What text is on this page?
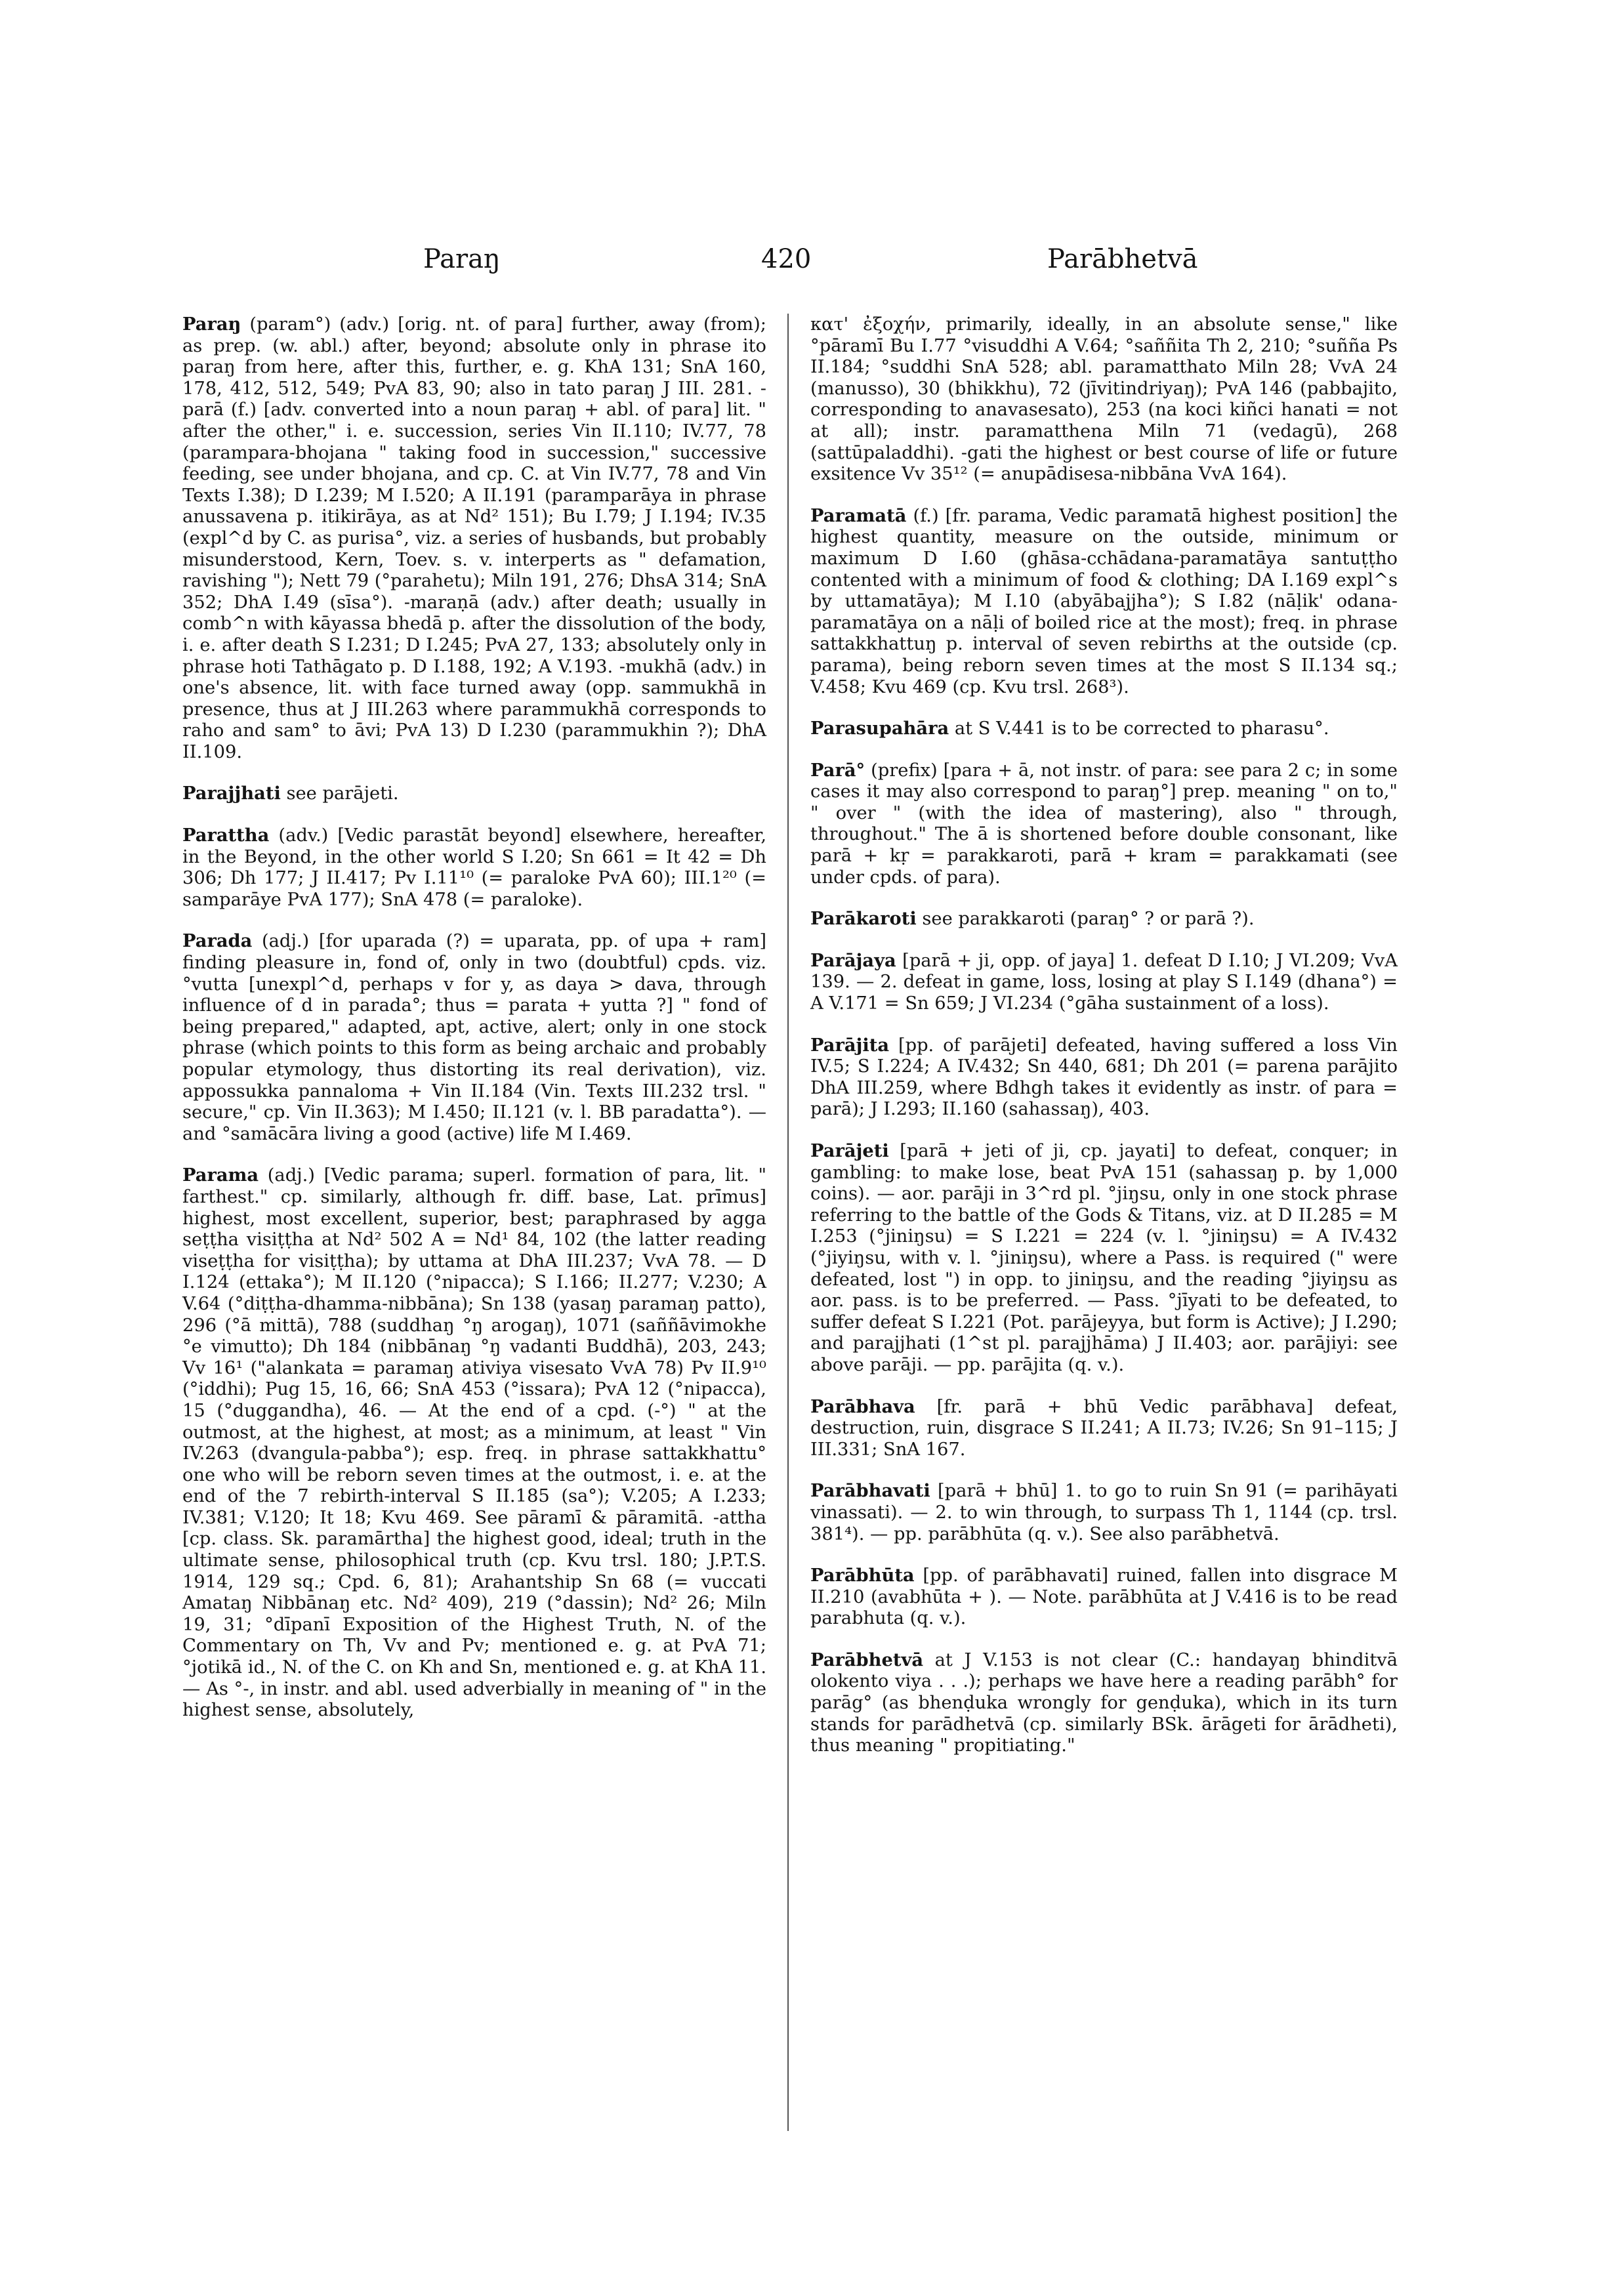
Paraŋ	420	Parābhetvā

Paraŋ (param°) (adv.) [orig. nt. of para] further, away (from); as prep. (w. abl.) after, beyond; absolute only in phrase ito paraŋ from here, after this, further, e. g. KhA 131; SnA 160, 178, 412, 512, 549; PvA 83, 90; also in tato paraŋ J III. 281. -parā (f.) [adv. converted into a noun paraŋ + abl. of para] lit. " after the other," i. e. succession, series Vin II.110; IV.77, 78 (parampara-bhojana " taking food in succession," successive feeding, see under bhojana, and cp. C. at Vin IV.77, 78 and Vin Texts I.38); D I.239; M I.520; A II.191 (paramparāya in phrase anussavena p. itikirāya, as at Nd² 151); Bu I.79; J I.194; IV.35 (expl^d by C. as purisa°, viz. a series of husbands, but probably misunderstood, Kern, Toev. s. v. interperts as " defamation, ravishing "); Nett 79 (°parahetu); Miln 191, 276; DhsA 314; SnA 352; DhA I.49 (sīsa°). -maraṇā (adv.) after death; usually in comb^n with kāyassa bhedā p. after the dissolution of the body, i. e. after death S I.231; D I.245; PvA 27, 133; absolutely only in phrase hoti Tathāgato p. D I.188, 192; A V.193. -mukhā (adv.) in one's absence, lit. with face turned away (opp. sammukhā in presence, thus at J III.263 where parammukhā corresponds to raho and sam° to āvi; PvA 13) D I.230 (parammukhin ?); DhA II.109.

Parajjhati see parājeti.

Parattha (adv.) [Vedic parastāt beyond] elsewhere, hereafter, in the Beyond, in the other world S I.20; Sn 661 = It 42 = Dh 306; Dh 177; J II.417; Pv I.11¹⁰ (= paraloke PvA 60); III.1²⁰ (= samparāye PvA 177); SnA 478 (= paraloke).

Parada (adj.) [for uparada (?) = uparata, pp. of upa + ram] finding pleasure in, fond of, only in two (doubtful) cpds. viz. °vutta [unexpl^d, perhaps v for y, as daya > dava, through influence of d in parada°; thus = parata + yutta ?] " fond of being prepared," adapted, apt, active, alert; only in one stock phrase (which points to this form as being archaic and probably popular etymology, thus distorting its real derivation), viz. appossukka pannaloma + Vin II.184 (Vin. Texts III.232 trsl. " secure," cp. Vin II.363); M I.450; II.121 (v. l. BB paradatta°). — and °samācāra living a good (active) life M I.469.

Parama (adj.) [Vedic parama; superl. formation of para, lit. " farthest." cp. similarly, although fr. diff. base, Lat. prīmus] highest, most excellent, superior, best; paraphrased by agga seṭṭha visiṭṭha at Nd² 502 A = Nd¹ 84, 102 (the latter reading viseṭṭha for visiṭṭha); by uttama at DhA III.237; VvA 78. — D I.124 (ettaka°); M II.120 (°nipacca); S I.166; II.277; V.230; A V.64 (°diṭṭha-dhamma-nibbāna); Sn 138 (yasaŋ paramaŋ patto), 296 (°ā mittā), 788 (suddhaŋ °ŋ arogaŋ), 1071 (saññāvimokhe °e vimutto); Dh 184 (nibbānaŋ °ŋ vadanti Buddhā), 203, 243; Vv 16¹ ("alankata = paramaŋ ativiya visesato VvA 78) Pv II.9¹⁰ (°iddhi); Pug 15, 16, 66; SnA 453 (°issara); PvA 12 (°nipacca), 15 (°duggandha), 46. — At the end of a cpd. (-°) " at the outmost, at the highest, at most; as a minimum, at least " Vin IV.263 (dvangula-pabba°); esp. freq. in phrase sattakkhattu° one who will be reborn seven times at the outmost, i. e. at the end of the 7 rebirth-interval S II.185 (sa°); V.205; A I.233; IV.381; V.120; It 18; Kvu 469. See pāramī & pāramitā. -attha [cp. class. Sk. paramārtha] the highest good, ideal; truth in the ultimate sense, philosophical truth (cp. Kvu trsl. 180; J.P.T.S. 1914, 129 sq.; Cpd. 6, 81); Arahantship Sn 68 (= vuccati Amataŋ Nibbānaŋ etc. Nd² 409), 219 (°dassin); Nd² 26; Miln 19, 31; °dīpanī Exposition of the Highest Truth, N. of the Commentary on Th, Vv and Pv; mentioned e. g. at PvA 71; °jotikā id., N. of the C. on Kh and Sn, mentioned e. g. at KhA 11. — As °-, in instr. and abl. used adverbially in meaning of " in the highest sense, absolutely,

κατ' ἐξοχήν, primarily, ideally, in an absolute sense," like °pāramī Bu I.77 °visuddhi A V.64; °saññita Th 2, 210; °suñña Ps II.184; °suddhi SnA 528; abl. paramatthato Miln 28; VvA 24 (manusso), 30 (bhikkhu), 72 (jīvitindriyaŋ); PvA 146 (pabbajito, corresponding to anavasesato), 253 (na koci kiñci hanati = not at all); instr. paramatthena Miln 71 (vedagū), 268 (sattūpaladdhi). -gati the highest or best course of life or future exsitence Vv 35¹² (= anupādisesa-nibbāna VvA 164).

Paramatā (f.) [fr. parama, Vedic paramatā highest position] the highest quantity, measure on the outside, minimum or maximum D I.60 (ghāsa-cchādana-paramatāya santuṭṭho contented with a minimum of food & clothing; DA I.169 expl^s by uttamatāya); M I.10 (abyābajjha°); S I.82 (nāḷik' odana-paramatāya on a nāḷi of boiled rice at the most); freq. in phrase sattakkhattuŋ p. interval of seven rebirths at the outside (cp. parama), being reborn seven times at the most S II.134 sq.; V.458; Kvu 469 (cp. Kvu trsl. 268³).

Parasupahāra at S V.441 is to be corrected to pharasu°.

Parā° (prefix) [para + ā, not instr. of para: see para 2 c; in some cases it may also correspond to paraŋ°] prep. meaning " on to," " over " (with the idea of mastering), also " through, throughout." The ā is shortened before double consonant, like parā + kṛ = parakkaroti, parā + kram = parakkamati (see under cpds. of para).

Parākaroti see parakkaroti (paraŋ° ? or parā ?).

Parājaya [parā + ji, opp. of jaya] 1. defeat D I.10; J VI.209; VvA 139. — 2. defeat in game, loss, losing at play S I.149 (dhana°) = A V.171 = Sn 659; J VI.234 (°gāha sustainment of a loss).

Parājita [pp. of parājeti] defeated, having suffered a loss Vin IV.5; S I.224; A IV.432; Sn 440, 681; Dh 201 (= parena parājito DhA III.259, where Bdhgh takes it evidently as instr. of para = parā); J I.293; II.160 (sahassaŋ), 403.

Parājeti [parā + jeti of ji, cp. jayati] to defeat, conquer; in gambling: to make lose, beat PvA 151 (sahassaŋ p. by 1,000 coins). — aor. parāji in 3^rd pl. °jiŋsu, only in one stock phrase referring to the battle of the Gods & Titans, viz. at D II.285 = M I.253 (°jiniŋsu) = S I.221 = 224 (v. l. °jiniŋsu) = A IV.432 (°jiyiŋsu, with v. l. °jiniŋsu), where a Pass. is required (" were defeated, lost ") in opp. to jiniŋsu, and the reading °jiyiŋsu as aor. pass. is to be preferred. — Pass. °jīyati to be defeated, to suffer defeat S I.221 (Pot. parājeyya, but form is Active); J I.290; and parajjhati (1^st pl. parajjhāma) J II.403; aor. parājiyi: see above parāji. — pp. parājita (q. v.).

Parābhava [fr. parā + bhū Vedic parābhava] defeat, destruction, ruin, disgrace S II.241; A II.73; IV.26; Sn 91–115; J III.331; SnA 167.

Parābhavati [parā + bhū] 1. to go to ruin Sn 91 (= parihāyati vinassati). — 2. to win through, to surpass Th 1, 1144 (cp. trsl. 381⁴). — pp. parābhūta (q. v.). See also parābhetvā.

Parābhūta [pp. of parābhavati] ruined, fallen into disgrace M II.210 (avabhūta + ). — Note. parābhūta at J V.416 is to be read parabhuta (q. v.).

Parābhetvā at J V.153 is not clear (C.: handayaŋ bhinditvā olokento viya . . .); perhaps we have here a reading parābh° for parāg° (as bhenḍuka wrongly for genḍuka), which in its turn stands for parādhetvā (cp. similarly BSk. ārāgeti for ārādheti), thus meaning " propitiating."
